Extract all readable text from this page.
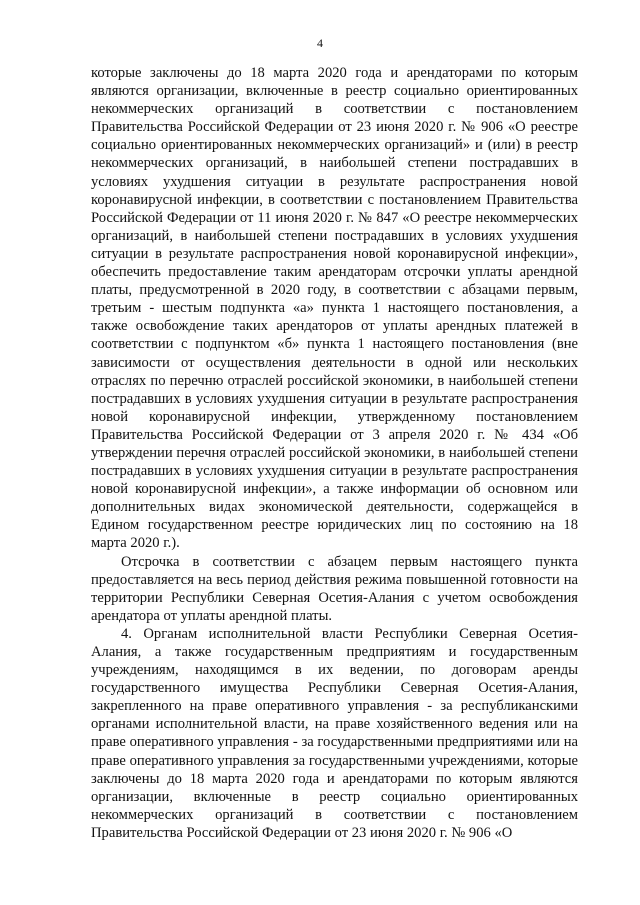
4

которые заключены до 18 марта 2020 года и арендаторами по которым являются организации, включенные в реестр социально ориентированных некоммерческих организаций в соответствии с постановлением Правительства Российской Федерации от 23 июня 2020 г. № 906 «О реестре социально ориентированных некоммерческих организаций» и (или) в реестр некоммерческих организаций, в наибольшей степени пострадавших в условиях ухудшения ситуации в результате распространения новой коронавирусной инфекции, в соответствии с постановлением Правительства Российской Федерации от 11 июня 2020 г. № 847 «О реестре некоммерческих организаций, в наибольшей степени пострадавших в условиях ухудшения ситуации в результате распространения новой коронавирусной инфекции», обеспечить предоставление таким арендаторам отсрочки уплаты арендной платы, предусмотренной в 2020 году, в соответствии с абзацами первым, третьим - шестым подпункта «а» пункта 1 настоящего постановления, а также освобождение таких арендаторов от уплаты арендных платежей в соответствии с подпунктом «б» пункта 1 настоящего постановления (вне зависимости от осуществления деятельности в одной или нескольких отраслях по перечню отраслей российской экономики, в наибольшей степени пострадавших в условиях ухудшения ситуации в результате распространения новой коронавирусной инфекции, утвержденному постановлением Правительства Российской Федерации от 3 апреля 2020 г. № 434 «Об утверждении перечня отраслей российской экономики, в наибольшей степени пострадавших в условиях ухудшения ситуации в результате распространения новой коронавирусной инфекции», а также информации об основном или дополнительных видах экономической деятельности, содержащейся в Едином государственном реестре юридических лиц по состоянию на 18 марта 2020 г.).

Отсрочка в соответствии с абзацем первым настоящего пункта предоставляется на весь период действия режима повышенной готовности на территории Республики Северная Осетия-Алания с учетом освобождения арендатора от уплаты арендной платы.

4. Органам исполнительной власти Республики Северная Осетия-Алания, а также государственным предприятиям и государственным учреждениям, находящимся в их ведении, по договорам аренды государственного имущества Республики Северная Осетия-Алания, закрепленного на праве оперативного управления - за республиканскими органами исполнительной власти, на праве хозяйственного ведения или на праве оперативного управления - за государственными предприятиями или на праве оперативного управления за государственными учреждениями, которые заключены до 18 марта 2020 года и арендаторами по которым являются организации, включенные в реестр социально ориентированных некоммерческих организаций в соответствии с постановлением Правительства Российской Федерации от 23 июня 2020 г. № 906 «О
